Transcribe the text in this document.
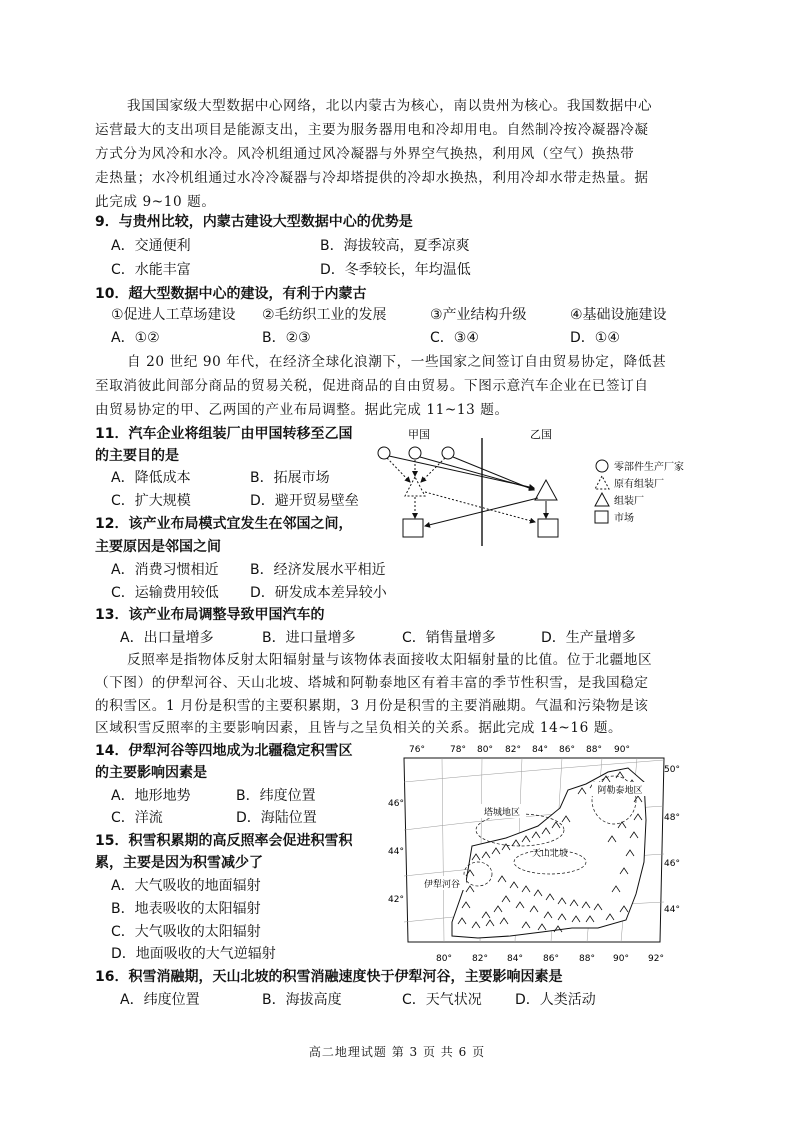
我国国家级大型数据中心网络，北以内蒙古为核心，南以贵州为核心。我国数据中心
运营最大的支出项目是能源支出，主要为服务器用电和冷却用电。自然制冷按冷凝器冷凝
方式分为风冷和水冷。风冷机组通过风冷凝器与外界空气换热，利用风（空气）换热带
走热量；水冷机组通过水冷冷凝器与冷却塔提供的冷却水换热，利用冷却水带走热量。据
此完成 9~10 题。
9．与贵州比较，内蒙古建设大型数据中心的优势是
A．交通便利	B．海拔较高，夏季凉爽
C．水能丰富	D．冬季较长，年均温低
10．超大型数据中心的建设，有利于内蒙古
①促进人工草场建设 ②毛纺织工业的发展	③产业结构升级	④基础设施建设
A．①②	B．②③	C．③④	D．①④
自 20 世纪 90 年代，在经济全球化浪潮下，一些国家之间签订自由贸易协定，降低甚
至取消彼此间部分商品的贸易关税，促进商品的自由贸易。下图示意汽车企业在已签订自
由贸易协定的甲、乙两国的产业布局调整。据此完成 11~13 题。
11．汽车企业将组装厂由甲国转移至乙国
的主要目的是
A．降低成本	B．拓展市场
C．扩大规模	D．避开贸易壁垒
12．该产业布局模式宜发生在邻国之间，
主要原因是邻国之间
A．消费习惯相近 B．经济发展水平相近
C．运输费用较低 D．研发成本差异较小
13．该产业布局调整导致甲国汽车的
A．出口量增多	B．进口量增多	C．销售量增多	D．生产量增多
甲国	乙国
零部件生产厂家
原有组装厂
组装厂
市场
反照率是指物体反射太阳辐射量与该物体表面接收太阳辐射量的比值。位于北疆地区
（下图）的伊犁河谷、天山北坡、塔城和阿勒泰地区有着丰富的季节性积雪，是我国稳定
的积雪区。1 月份是积雪的主要积累期，3 月份是积雪的主要消融期。气温和污染物是该
区域积雪反照率的主要影响因素，且皆与之呈负相关的关系。据此完成 14~16 题。
14．伊犁河谷等四地成为北疆稳定积雪区
的主要影响因素是
A．地形地势	B．纬度位置
C．洋流	D．海陆位置
15．积雪积累期的高反照率会促进积雪积
累，主要是因为积雪减少了
A．大气吸收的地面辐射
B．地表吸收的太阳辐射
C．大气吸收的太阳辐射
D．地面吸收的大气逆辐射
16．积雪消融期，天山北坡的积雪消融速度快于伊犁河谷，主要影响因素是
A．纬度位置	B．海拔高度	C．天气状况 D．人类活动
76°	78° 80° 82° 84° 86° 88° 90°
80° 82° 84° 86° 88° 90° 92°
46°
44°
42°
50°
48°
46°
44°
塔城地区
阿勒泰地区
天山北坡
伊犁河谷
高二地理试题 第 3 页 共 6 页
